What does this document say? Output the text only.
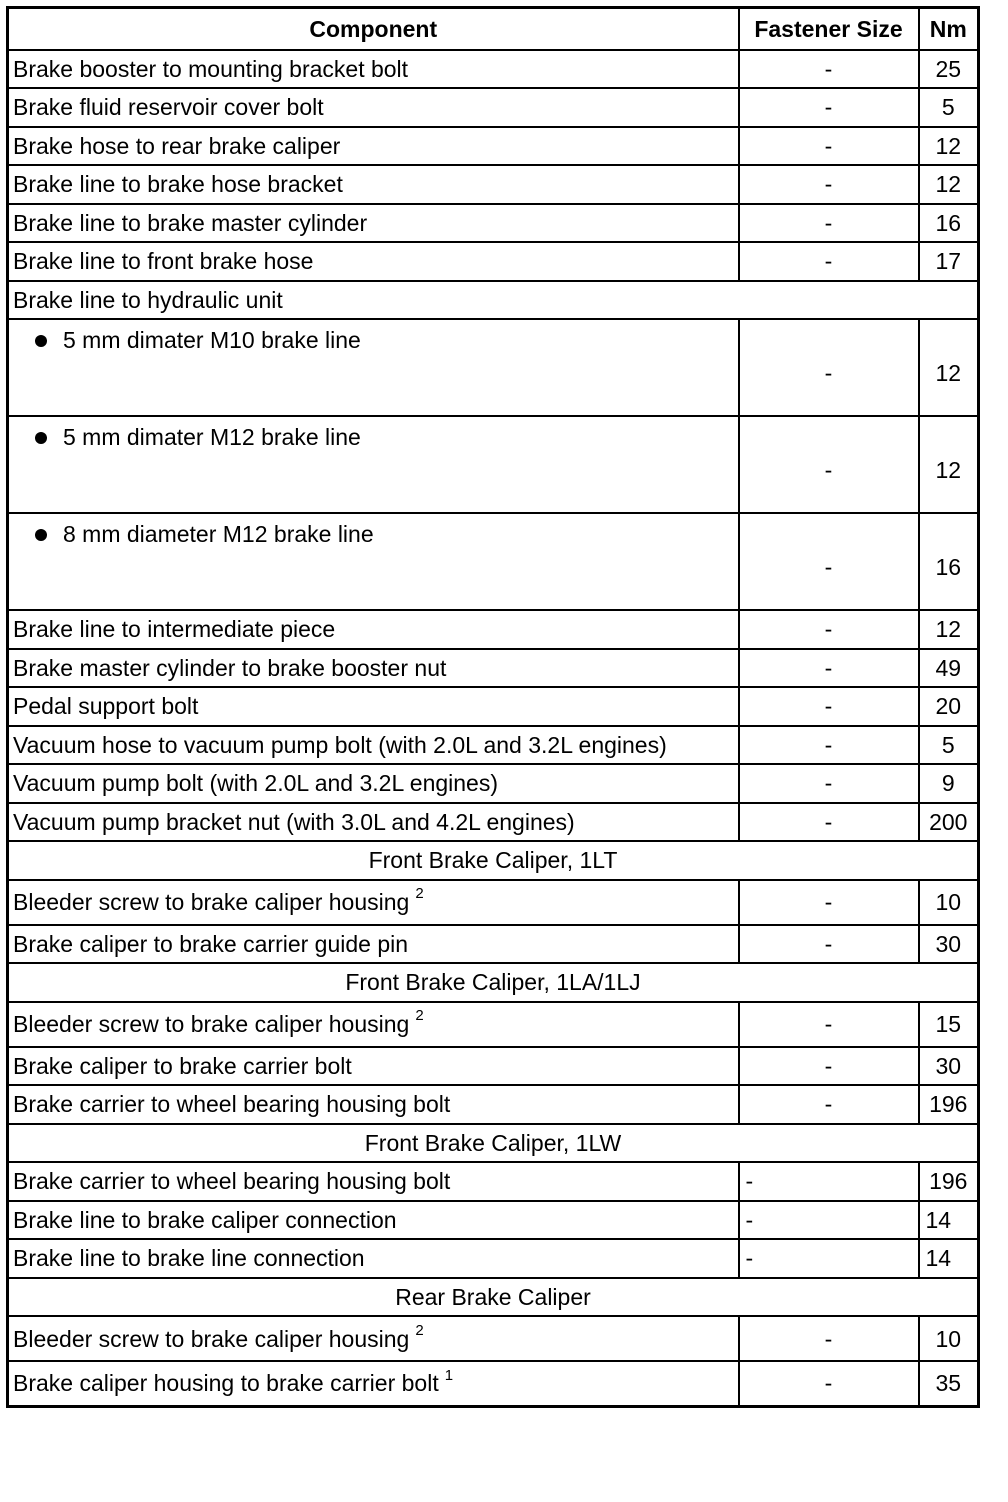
Component	Fastener Size	Nm
Brake booster to mounting bracket bolt	-	25
Brake fluid reservoir cover bolt	-	5
Brake hose to rear brake caliper	-	12
Brake line to brake hose bracket	-	12
Brake line to brake master cylinder	-	16
Brake line to front brake hose	-	17
Brake line to hydraulic unit		
5 mm dimater M10 brake line	-	12
5 mm dimater M12 brake line	-	12
8 mm diameter M12 brake line	-	16
Brake line to intermediate piece	-	12
Brake master cylinder to brake booster nut	-	49
Pedal support bolt	-	20
Vacuum hose to vacuum pump bolt (with 2.0L and 3.2L engines)	-	5
Vacuum pump bolt (with 2.0L and 3.2L engines)	-	9
Vacuum pump bracket nut (with 3.0L and 4.2L engines)	-	200
Front Brake Caliper, 1LT		
Bleeder screw to brake caliper housing $^2$	-	10
Brake caliper to brake carrier guide pin	-	30
Front Brake Caliper, 1LA/1LJ		
Bleeder screw to brake caliper housing $^2$	-	15
Brake caliper to brake carrier bolt	-	30
Brake carrier to wheel bearing housing bolt	-	196
Front Brake Caliper, 1LW		
Brake carrier to wheel bearing housing bolt	-	196
Brake line to brake caliper connection	-	14
Brake line to brake line connection	-	14
Rear Brake Caliper		
Bleeder screw to brake caliper housing $^2$	-	10
Brake caliper housing to brake carrier bolt $^1$	-	35
